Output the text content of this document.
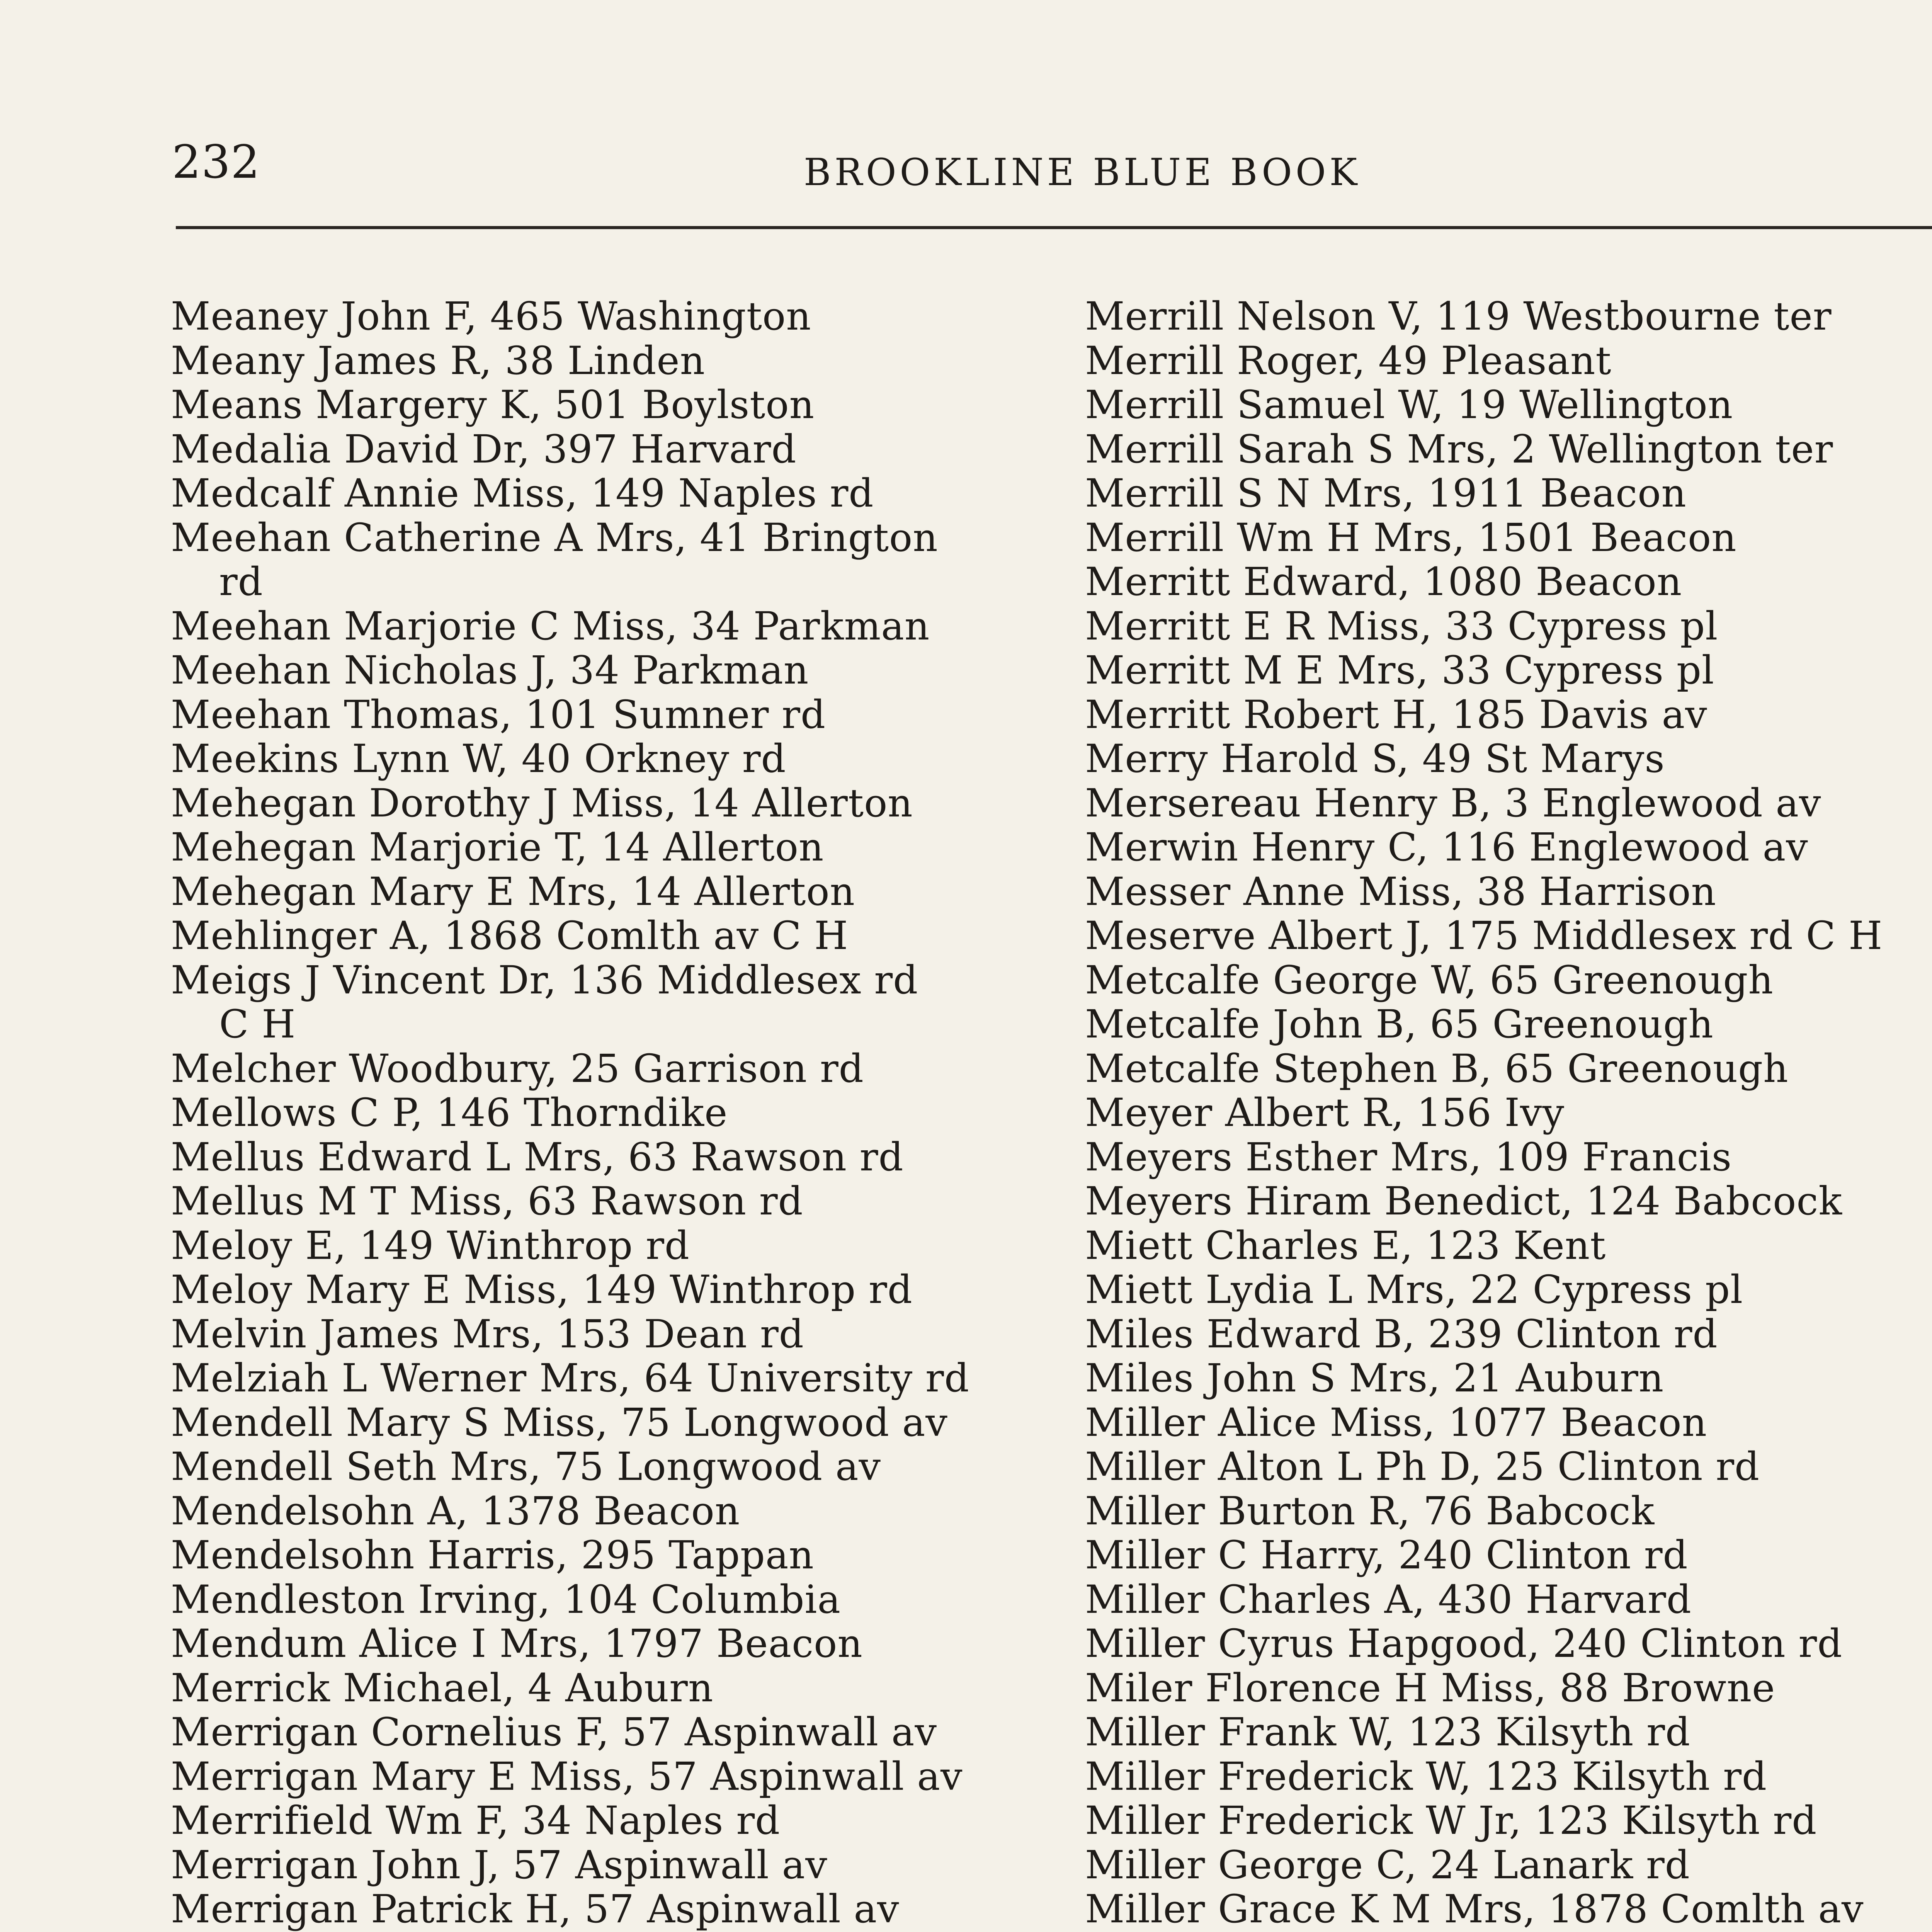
232	BROOKLINE BLUE BOOK
Meaney John F, 465 Washington
Meany James R, 38 Linden
Means Margery K, 501 Boylston
Medalia David Dr, 397 Harvard
Medcalf Annie Miss, 149 Naples rd
Meehan Catherine A Mrs, 41 Brington
rd
Meehan Marjorie C Miss, 34 Parkman
Meehan Nicholas J, 34 Parkman
Meehan Thomas, 101 Sumner rd
Meekins Lynn W, 40 Orkney rd
Mehegan Dorothy J Miss, 14 Allerton
Mehegan Marjorie T, 14 Allerton
Mehegan Mary E Mrs, 14 Allerton
Mehlinger A, 1868 Comlth av C H
Meigs J Vincent Dr, 136 Middlesex rd
C H
Melcher Woodbury, 25 Garrison rd
Mellows C P, 146 Thorndike
Mellus Edward L Mrs, 63 Rawson rd
Mellus M T Miss, 63 Rawson rd
Meloy E, 149 Winthrop rd
Meloy Mary E Miss, 149 Winthrop rd
Melvin James Mrs, 153 Dean rd
Melziah L Werner Mrs, 64 University rd
Mendell Mary S Miss, 75 Longwood av
Mendell Seth Mrs, 75 Longwood av
Mendelsohn A, 1378 Beacon
Mendelsohn Harris, 295 Tappan
Mendleston Irving, 104 Columbia
Mendum Alice I Mrs, 1797 Beacon
Merrick Michael, 4 Auburn
Merrigan Cornelius F, 57 Aspinwall av
Merrigan Mary E Miss, 57 Aspinwall av
Merrifield Wm F, 34 Naples rd
Merrigan John J, 57 Aspinwall av
Merrigan Patrick H, 57 Aspinwall av
Merrill Nelson V, 119 Westbourne ter
Merrill Roger, 49 Pleasant
Merrill Samuel W, 19 Wellington
Merrill Sarah S Mrs, 2 Wellington ter
Merrill S N Mrs, 1911 Beacon
Merrill Wm H Mrs, 1501 Beacon
Merritt Edward, 1080 Beacon
Merritt E R Miss, 33 Cypress pl
Merritt M E Mrs, 33 Cypress pl
Merritt Robert H, 185 Davis av
Merry Harold S, 49 St Marys
Mersereau Henry B, 3 Englewood av
Merwin Henry C, 116 Englewood av
Messer Anne Miss, 38 Harrison
Meserve Albert J, 175 Middlesex rd C H
Metcalfe George W, 65 Greenough
Metcalfe John B, 65 Greenough
Metcalfe Stephen B, 65 Greenough
Meyer Albert R, 156 Ivy
Meyers Esther Mrs, 109 Francis
Meyers Hiram Benedict, 124 Babcock
Miett Charles E, 123 Kent
Miett Lydia L Mrs, 22 Cypress pl
Miles Edward B, 239 Clinton rd
Miles John S Mrs, 21 Auburn
Miller Alice Miss, 1077 Beacon
Miller Alton L Ph D, 25 Clinton rd
Miller Burton R, 76 Babcock
Miller C Harry, 240 Clinton rd
Miller Charles A, 430 Harvard
Miller Cyrus Hapgood, 240 Clinton rd
Miler Florence H Miss, 88 Browne
Miller Frank W, 123 Kilsyth rd
Miller Frederick W, 123 Kilsyth rd
Miller Frederick W Jr, 123 Kilsyth rd
Miller George C, 24 Lanark rd
Miller Grace K M Mrs, 1878 Comlth av
